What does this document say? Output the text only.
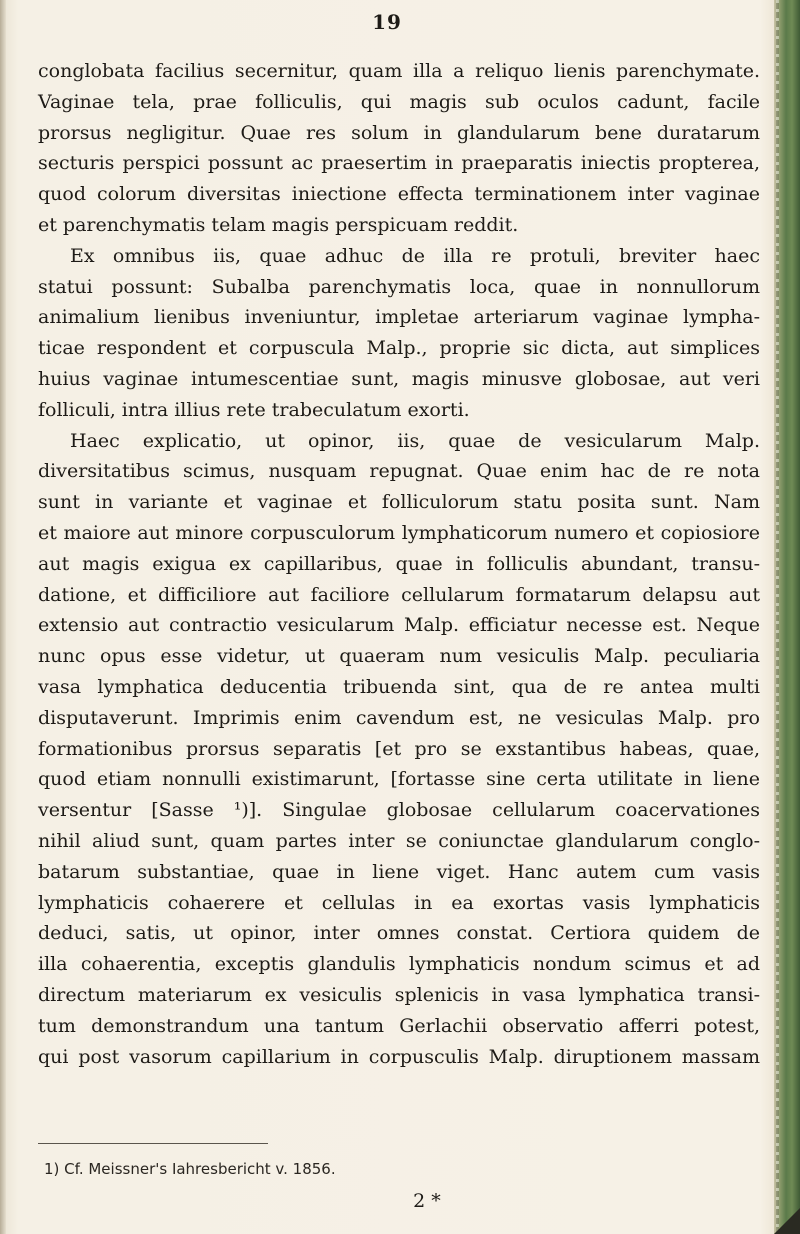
19

conglobata facilius secernitur, quam illa a reliquo lienis parenchymate.
Vaginae tela, prae folliculis, qui magis sub oculos cadunt, facile
prorsus negligitur. Quae res solum in glandularum bene duratarum
secturis perspici possunt ac praesertim in praeparatis iniectis propterea,
quod colorum diversitas iniectione effecta terminationem inter vaginae
et parenchymatis telam magis perspicuam reddit.

Ex omnibus iis, quae adhuc de illa re protuli, breviter haec
statui possunt: Subalba parenchymatis loca, quae in nonnullorum
animalium lienibus inveniuntur, impletae arteriarum vaginae lympha-
ticae respondent et corpuscula Malp., proprie sic dicta, aut simplices
huius vaginae intumescentiae sunt, magis minusve globosae, aut veri
folliculi, intra illius rete trabeculatum exorti.

Haec explicatio, ut opinor, iis, quae de vesicularum Malp.
diversitatibus scimus, nusquam repugnat. Quae enim hac de re nota
sunt in variante et vaginae et folliculorum statu posita sunt. Nam
et maiore aut minore corpusculorum lymphaticorum numero et copiosiore
aut magis exigua ex capillaribus, quae in folliculis abundant, transu-
datione, et difficiliore aut faciliore cellularum formatarum delapsu aut
extensio aut contractio vesicularum Malp. efficiatur necesse est. Neque
nunc opus esse videtur, ut quaeram num vesiculis Malp. peculiaria
vasa lymphatica deducentia tribuenda sint, qua de re antea multi
disputaverunt. Imprimis enim cavendum est, ne vesiculas Malp. pro
formationibus prorsus separatis [et pro se exstantibus habeas, quae,
quod etiam nonnulli existimarunt, [fortasse sine certa utilitate in liene
versentur [Sasse ¹)]. Singulae globosae cellularum coacervationes
nihil aliud sunt, quam partes inter se coniunctae glandularum conglo-
batarum substantiae, quae in liene viget. Hanc autem cum vasis
lymphaticis cohaerere et cellulas in ea exortas vasis lymphaticis
deduci, satis, ut opinor, inter omnes constat. Certiora quidem de
illa cohaerentia, exceptis glandulis lymphaticis nondum scimus et ad
directum materiarum ex vesiculis splenicis in vasa lymphatica transi-
tum demonstrandum una tantum Gerlachii observatio afferri potest,
qui post vasorum capillarium in corpusculis Malp. diruptionem massam

1) Cf. Meissner's Iahresbericht v. 1856.
2 *
